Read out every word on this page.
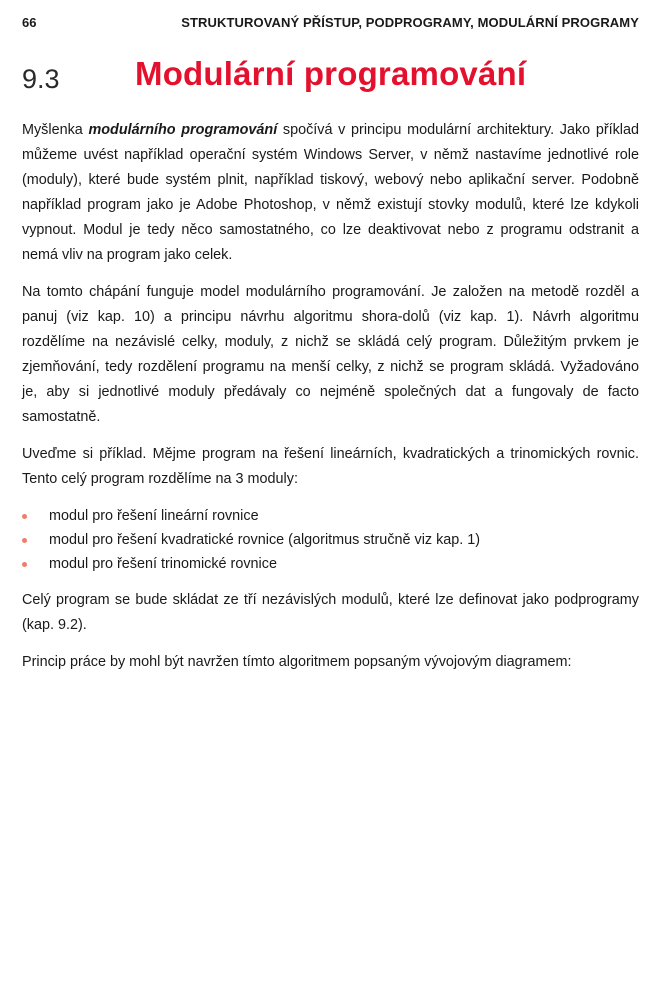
66	STRUKTUROVANÝ PŘÍSTUP, PODPROGRAMY, MODULÁRNÍ PROGRAMY
9.3 Modulární programování

Myšlenka modulárního programování spočívá v principu modulární architektury. Jako příklad můžeme uvést například operační systém Windows Server, v němž nastavíme jednotlivé role (moduly), které bude systém plnit, například tiskový, webový nebo aplikační server. Podobně například program jako je Adobe Photoshop, v němž existují stovky modulů, které lze kdykoli vypnout. Modul je tedy něco samostatného, co lze deaktivovat nebo z programu odstranit a nemá vliv na program jako celek.

Na tomto chápání funguje model modulárního programování. Je založen na metodě rozděl a panuj (viz kap. 10) a principu návrhu algoritmu shora-dolů (viz kap. 1). Návrh algoritmu rozdělíme na nezávislé celky, moduly, z nichž se skládá celý program. Důležitým prvkem je zjemňování, tedy rozdělení programu na menší celky, z nichž se program skládá. Vyžadováno je, aby si jednotlivé moduly předávaly co nejméně společných dat a fungovaly de facto samostatně.

Uveďme si příklad. Mějme program na řešení lineárních, kvadratických a trinomických rovnic. Tento celý program rozdělíme na 3 moduly:

modul pro řešení lineární rovnice
modul pro řešení kvadratické rovnice (algoritmus stručně viz kap. 1)
modul pro řešení trinomické rovnice

Celý program se bude skládat ze tří nezávislých modulů, které lze definovat jako podprogramy (kap. 9.2).

Princip práce by mohl být navržen tímto algoritmem popsaným vývojovým diagramem:
